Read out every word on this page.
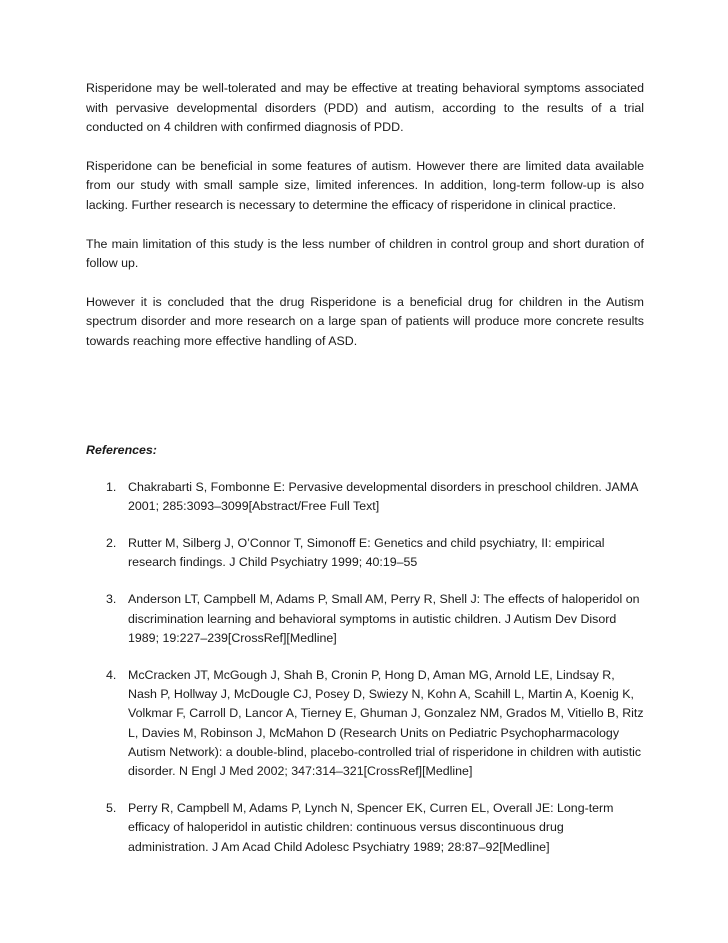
Risperidone may be well-tolerated and may be effective at treating behavioral symptoms associated with pervasive developmental disorders (PDD) and autism, according to the results of a trial conducted on 4 children with confirmed diagnosis of PDD.

Risperidone can be beneficial in some features of autism. However there are limited data available from our study with small sample size, limited inferences. In addition, long-term follow-up is also lacking. Further research is necessary to determine the efficacy of risperidone in clinical practice.

The main limitation of this study is the less number of children in control group and short duration of follow up.

However it is concluded that the drug Risperidone is a beneficial drug for children in the Autism spectrum disorder and more research on a large span of patients will produce more concrete results towards reaching more effective handling of ASD.

References:
1. Chakrabarti S, Fombonne E: Pervasive developmental disorders in preschool children. JAMA 2001; 285:3093–3099[Abstract/Free Full Text]
2. Rutter M, Silberg J, O’Connor T, Simonoff E: Genetics and child psychiatry, II: empirical research findings. J Child Psychiatry 1999; 40:19–55
3. Anderson LT, Campbell M, Adams P, Small AM, Perry R, Shell J: The effects of haloperidol on discrimination learning and behavioral symptoms in autistic children. J Autism Dev Disord 1989; 19:227–239[CrossRef][Medline]
4. McCracken JT, McGough J, Shah B, Cronin P, Hong D, Aman MG, Arnold LE, Lindsay R, Nash P, Hollway J, McDougle CJ, Posey D, Swiezy N, Kohn A, Scahill L, Martin A, Koenig K, Volkmar F, Carroll D, Lancor A, Tierney E, Ghuman J, Gonzalez NM, Grados M, Vitiello B, Ritz L, Davies M, Robinson J, McMahon D (Research Units on Pediatric Psychopharmacology Autism Network): a double-blind, placebo-controlled trial of risperidone in children with autistic disorder. N Engl J Med 2002; 347:314–321[CrossRef][Medline]
5. Perry R, Campbell M, Adams P, Lynch N, Spencer EK, Curren EL, Overall JE: Long-term efficacy of haloperidol in autistic children: continuous versus discontinuous drug administration. J Am Acad Child Adolesc Psychiatry 1989; 28:87–92[Medline]
